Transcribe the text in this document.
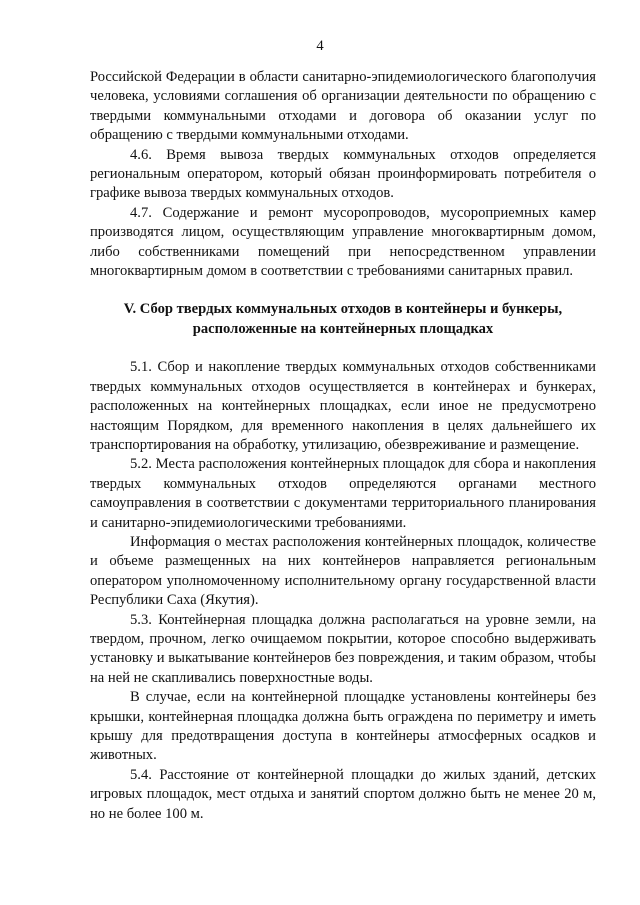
4

Российской Федерации в области санитарно-эпидемиологического благополучия человека, условиями соглашения об организации деятельности по обращению с твердыми коммунальными отходами и договора об оказании услуг по обращению с твердыми коммунальными отходами.

4.6. Время вывоза твердых коммунальных отходов определяется региональным оператором, который обязан проинформировать потребителя о графике вывоза твердых коммунальных отходов.

4.7. Содержание и ремонт мусоропроводов, мусороприемных камер производятся лицом, осуществляющим управление многоквартирным домом, либо собственниками помещений при непосредственном управлении многоквартирным домом в соответствии с требованиями санитарных правил.

V. Сбор твердых коммунальных отходов в контейнеры и бункеры, расположенные на контейнерных площадках

5.1. Сбор и накопление твердых коммунальных отходов собственниками твердых коммунальных отходов осуществляется в контейнерах и бункерах, расположенных на контейнерных площадках, если иное не предусмотрено настоящим Порядком, для временного накопления в целях дальнейшего их транспортирования на обработку, утилизацию, обезвреживание и размещение.

5.2. Места расположения контейнерных площадок для сбора и накопления твердых коммунальных отходов определяются органами местного самоуправления в соответствии с документами территориального планирования и санитарно-эпидемиологическими требованиями.

Информация о местах расположения контейнерных площадок, количестве и объеме размещенных на них контейнеров направляется региональным оператором уполномоченному исполнительному органу государственной власти Республики Саха (Якутия).

5.3. Контейнерная площадка должна располагаться на уровне земли, на твердом, прочном, легко очищаемом покрытии, которое способно выдерживать установку и выкатывание контейнеров без повреждения, и таким образом, чтобы на ней не скапливались поверхностные воды.

В случае, если на контейнерной площадке установлены контейнеры без крышки, контейнерная площадка должна быть ограждена по периметру и иметь крышу для предотвращения доступа в контейнеры атмосферных осадков и животных.

5.4. Расстояние от контейнерной площадки до жилых зданий, детских игровых площадок, мест отдыха и занятий спортом должно быть не менее 20 м, но не более 100 м.
